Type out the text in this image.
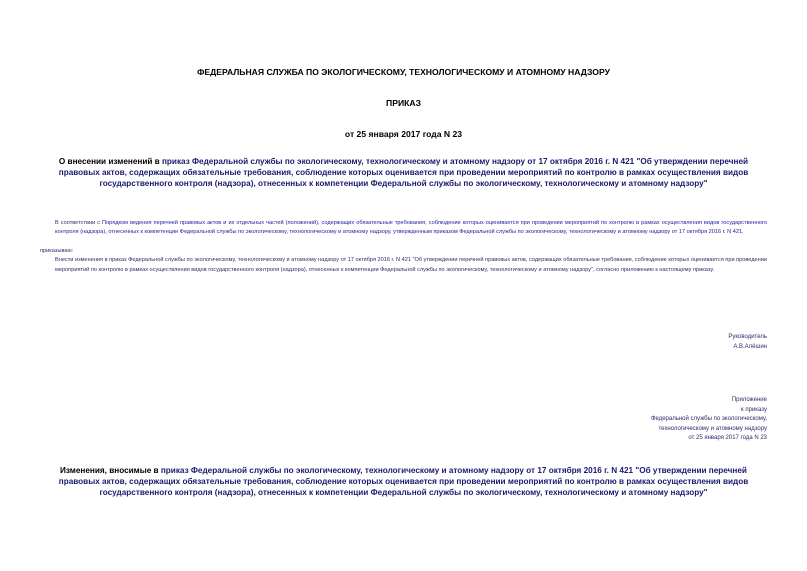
ФЕДЕРАЛЬНАЯ СЛУЖБА ПО ЭКОЛОГИЧЕСКОМУ, ТЕХНОЛОГИЧЕСКОМУ И АТОМНОМУ НАДЗОРУ
ПРИКАЗ
от 25 января 2017 года N 23
О внесении изменений в приказ Федеральной службы по экологическому, технологическому и атомному надзору от 17 октября 2016 г. N 421 "Об утверждении перечней правовых актов, содержащих обязательные требования, соблюдение которых оценивается при проведении мероприятий по контролю в рамках осуществления видов государственного контроля (надзора), отнесенных к компетенции Федеральной службы по экологическому, технологическому и атомному надзору"
В соответствии с Порядком ведения перечней правовых актов и их отдельных частей (положений), содержащих обязательные требования, соблюдение которых оценивается при проведении мероприятий по контролю в рамках осуществления видов государственного контроля (надзора), отнесенных к компетенции Федеральной службы по экологическому, технологическому и атомному надзору, утвержденным приказом Федеральной службы по экологическому, технологическому и атомному надзору от 17 октября 2016 г. N 421,
приказываю:
Внести изменения в приказ Федеральной службы по экологическому, технологическому и атомному надзору от 17 октября 2016 г. N 421 "Об утверждении перечней правовых актов, содержащих обязательные требования, соблюдение которых оценивается при проведении мероприятий по контролю в рамках осуществления видов государственного контроля (надзора), отнесенных к компетенции Федеральной службы по экологическому, технологическому и атомному надзору", согласно приложению к настоящему приказу.
Руководитель
А.В.Алёшин
Приложение
к приказу
Федеральной службы по экологическому,
технологическому и атомному надзору
от 25 января 2017 года N 23
Изменения, вносимые в приказ Федеральной службы по экологическому, технологическому и атомному надзору от 17 октября 2016 г. N 421 "Об утверждении перечней правовых актов, содержащих обязательные требования, соблюдение которых оценивается при проведении мероприятий по контролю в рамках осуществления видов государственного контроля (надзора), отнесенных к компетенции Федеральной службы по экологическому, технологическому и атомному надзору"
